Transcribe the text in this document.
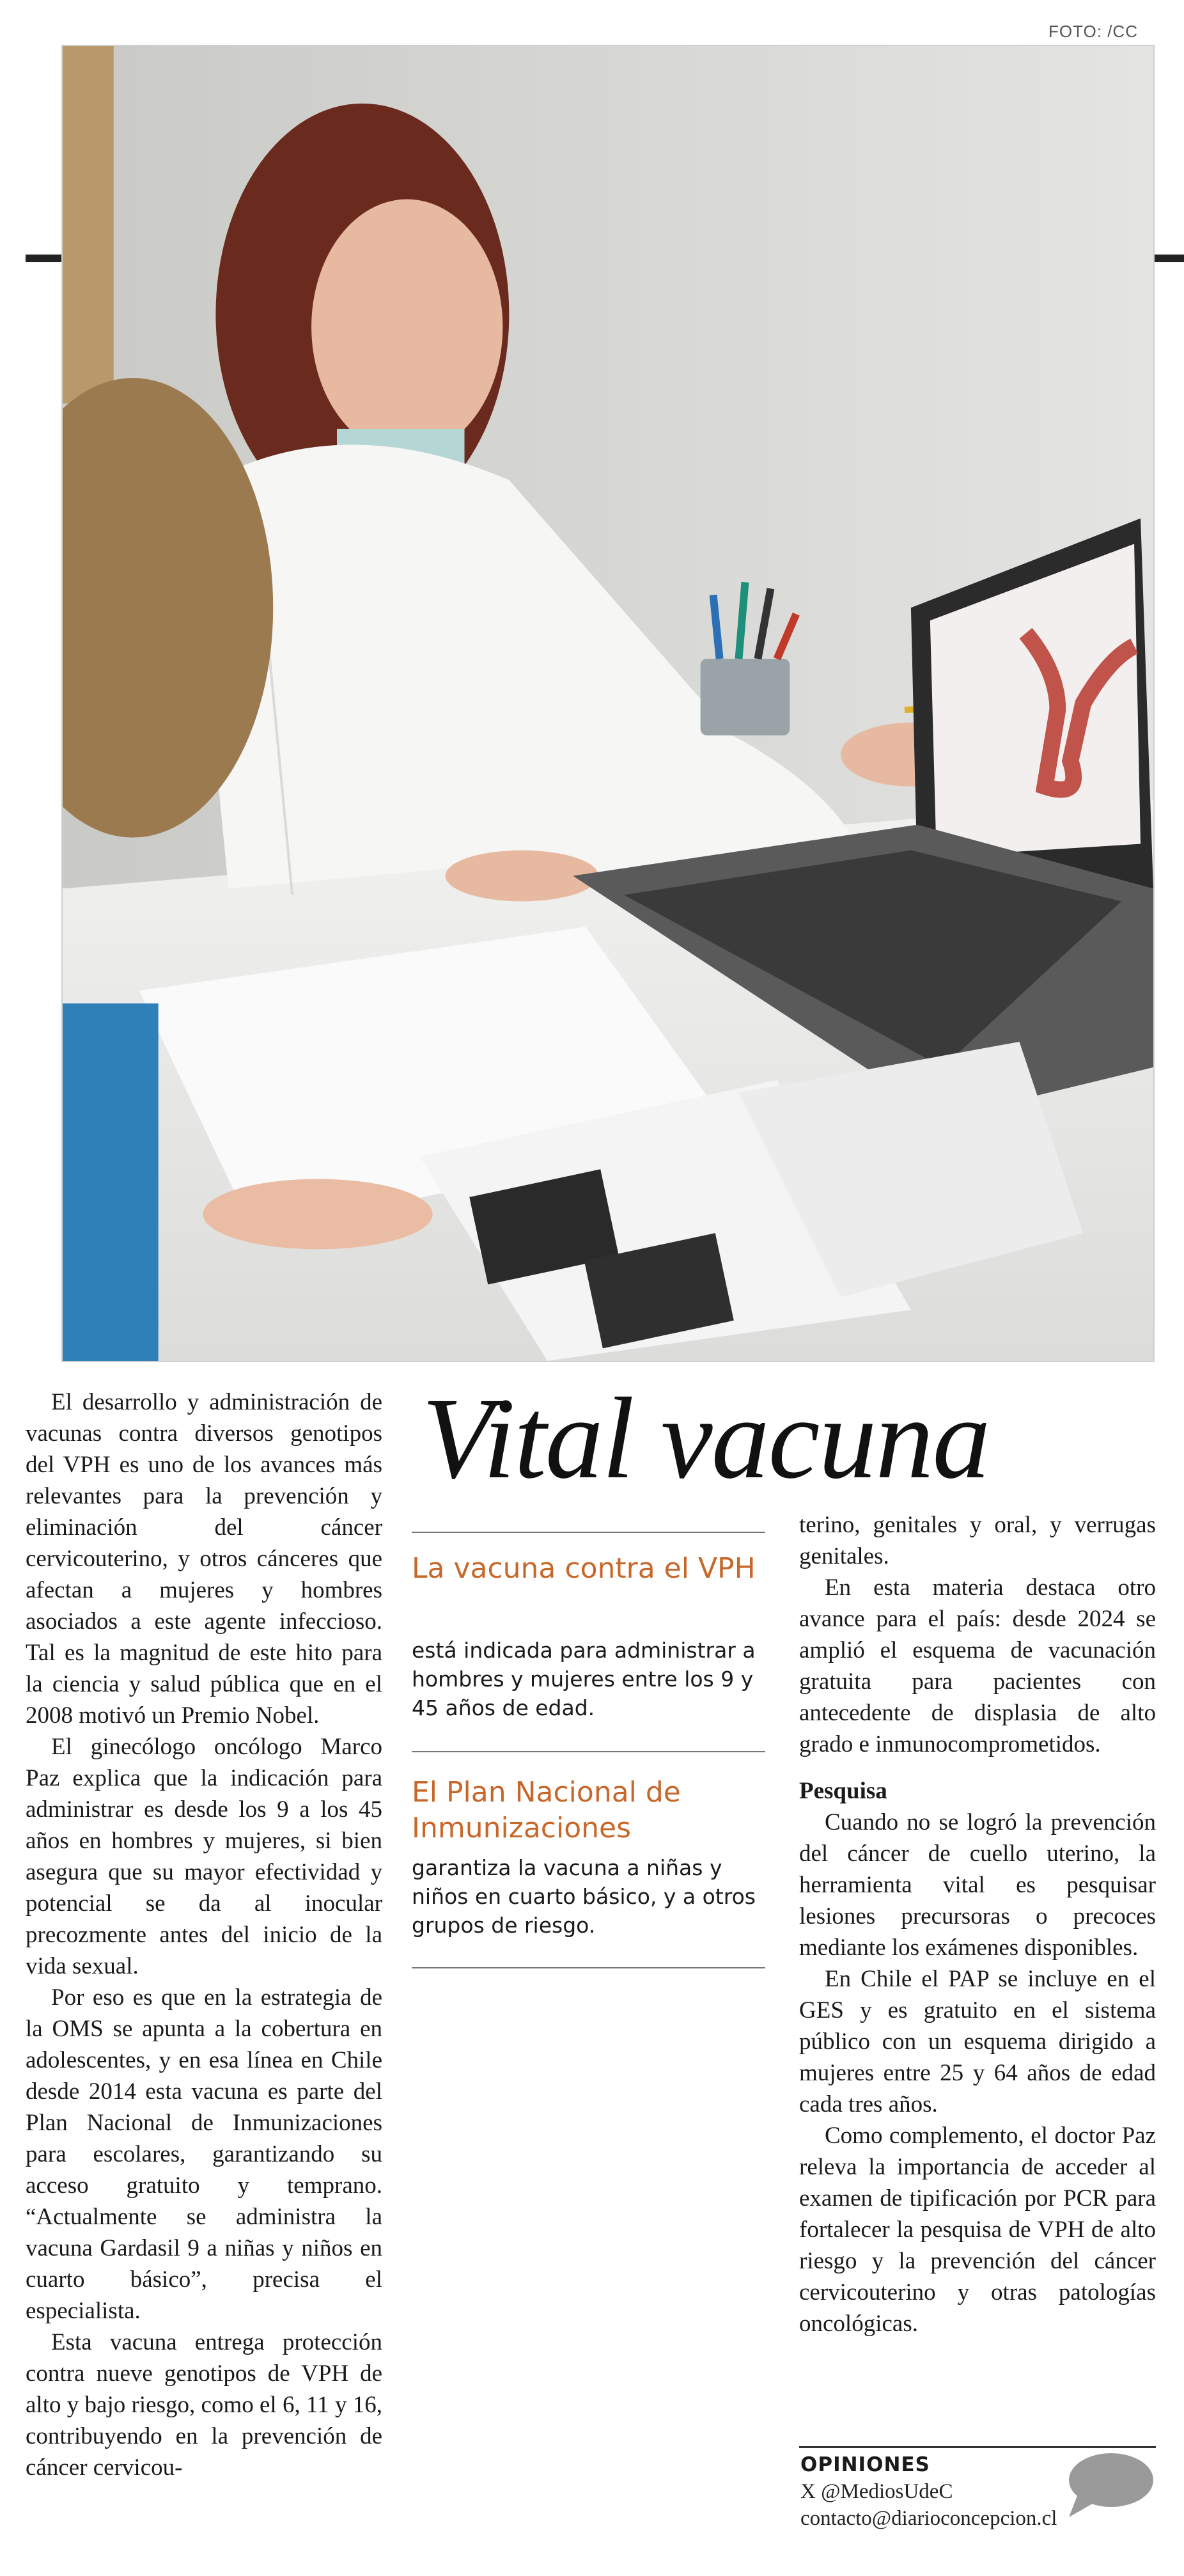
FOTO: /CC
Vital vacuna

El desarrollo y administración de vacunas contra diversos genotipos del VPH es uno de los avances más relevantes para la prevención y eliminación del cáncer cervicouterino, y otros cánceres que afectan a mujeres y hombres asociados a este agente infeccioso. Tal es la magnitud de este hito para la ciencia y salud pública que en el 2008 motivó un Premio Nobel.

El ginecólogo oncólogo Marco Paz explica que la indicación para administrar es desde los 9 a los 45 años en hombres y mujeres, si bien asegura que su mayor efectividad y potencial se da al inocular precozmente antes del inicio de la vida sexual.

Por eso es que en la estrategia de la OMS se apunta a la cobertura en adolescentes, y en esa línea en Chile desde 2014 esta vacuna es parte del Plan Nacional de Inmunizaciones para escolares, garantizando su acceso gratuito y temprano. “Actualmente se administra la vacuna Gardasil 9 a niñas y niños en cuarto básico”, precisa el especialista.

Esta vacuna entrega protección contra nueve genotipos de VPH de alto y bajo riesgo, como el 6, 11 y 16, contribuyendo en la prevención de cáncer cervicou-

La vacuna contra el VPH
está indicada para administrar a hombres y mujeres entre los 9 y 45 años de edad.
El Plan Nacional de Inmunizaciones
garantiza la vacuna a niñas y niños en cuarto básico, y a otros grupos de riesgo.

terino, genitales y oral, y verrugas genitales.

En esta materia destaca otro avance para el país: desde 2024 se amplió el esquema de vacunación gratuita para pacientes con antecedente de displasia de alto grado e inmunocomprometidos.

Pesquisa

Cuando no se logró la prevención del cáncer de cuello uterino, la herramienta vital es pesquisar lesiones precursoras o precoces mediante los exámenes disponibles.

En Chile el PAP se incluye en el GES y es gratuito en el sistema público con un esquema dirigido a mujeres entre 25 y 64 años de edad cada tres años.

Como complemento, el doctor Paz releva la importancia de acceder al examen de tipificación por PCR para fortalecer la pesquisa de VPH de alto riesgo y la prevención del cáncer cervicouterino y otras patologías oncológicas.

OPINIONES
X @MediosUdeC
contacto@diarioconcepcion.cl
